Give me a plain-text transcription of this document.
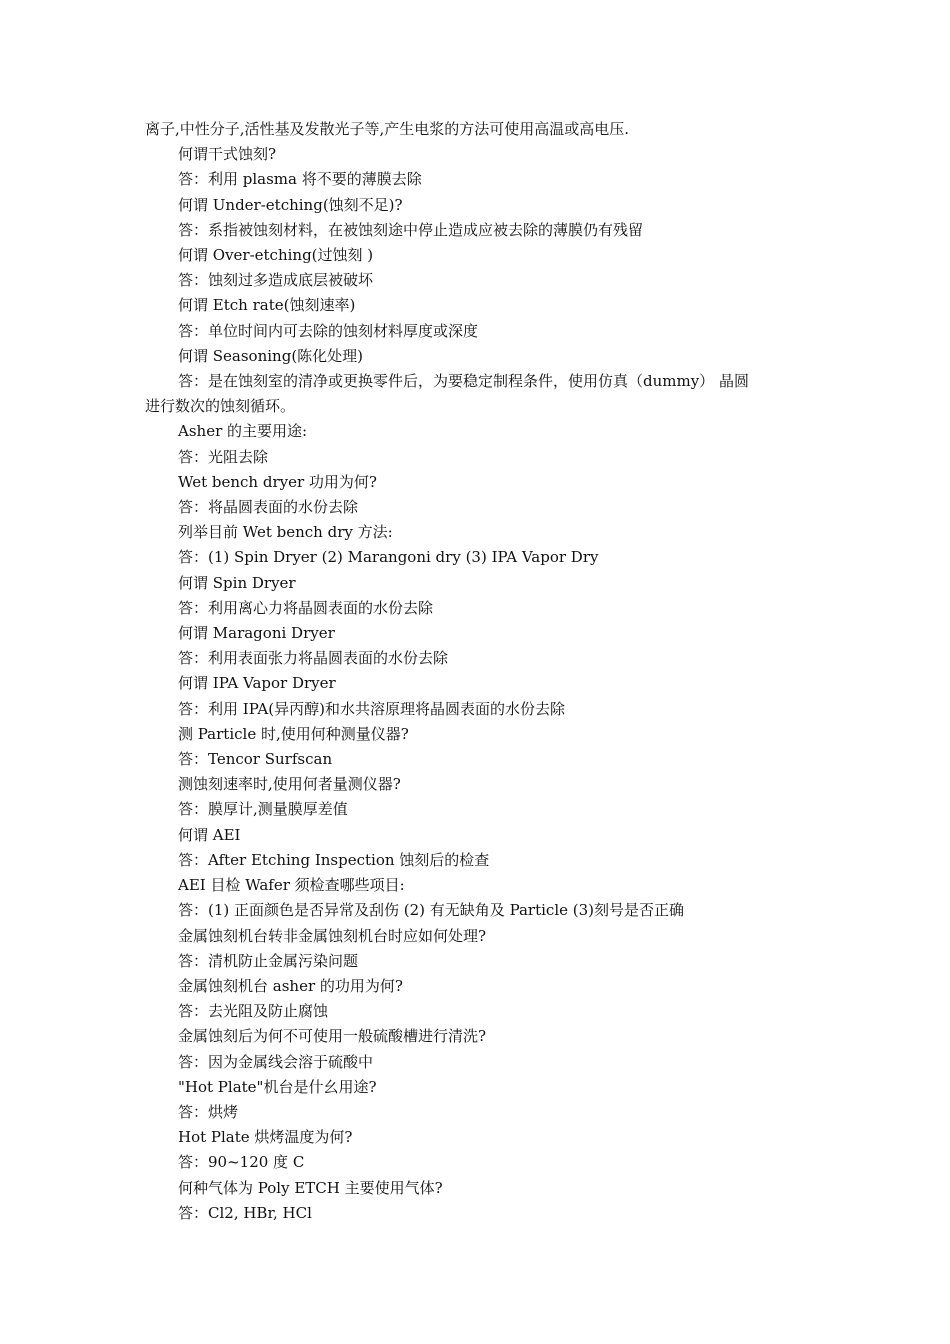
离子,中性分子,活性基及发散光子等,产生电浆的方法可使用高温或高电压.
何谓干式蚀刻?
答：利用 plasma 将不要的薄膜去除
何谓 Under-etching(蚀刻不足)?
答：系指被蚀刻材料，在被蚀刻途中停止造成应被去除的薄膜仍有残留
何谓 Over-etching(过蚀刻 )
答：蚀刻过多造成底层被破坏
何谓 Etch rate(蚀刻速率)
答：单位时间内可去除的蚀刻材料厚度或深度
何谓 Seasoning(陈化处理)
答：是在蚀刻室的清净或更换零件后，为要稳定制程条件，使用仿真（dummy） 晶圆
进行数次的蚀刻循环。
Asher 的主要用途:
答：光阻去除
Wet bench dryer 功用为何?
答：将晶圆表面的水份去除
列举目前 Wet bench dry 方法:
答：(1) Spin Dryer (2) Marangoni dry (3) IPA Vapor Dry
何谓 Spin Dryer
答：利用离心力将晶圆表面的水份去除
何谓 Maragoni Dryer
答：利用表面张力将晶圆表面的水份去除
何谓 IPA Vapor Dryer
答：利用 IPA(异丙醇)和水共溶原理将晶圆表面的水份去除
测 Particle 时,使用何种测量仪器?
答：Tencor Surfscan
测蚀刻速率时,使用何者量测仪器?
答：膜厚计,测量膜厚差值
何谓 AEI
答：After Etching Inspection 蚀刻后的检查
AEI 目检 Wafer 须检查哪些项目:
答：(1) 正面颜色是否异常及刮伤 (2) 有无缺角及 Particle (3)刻号是否正确
金属蚀刻机台转非金属蚀刻机台时应如何处理?
答：清机防止金属污染问题
金属蚀刻机台 asher 的功用为何?
答：去光阻及防止腐蚀
金属蚀刻后为何不可使用一般硫酸槽进行清洗?
答：因为金属线会溶于硫酸中
"Hot Plate"机台是什幺用途?
答：烘烤
Hot Plate 烘烤温度为何?
答：90~120 度 C
何种气体为 Poly ETCH 主要使用气体?
答：Cl2, HBr, HCl
